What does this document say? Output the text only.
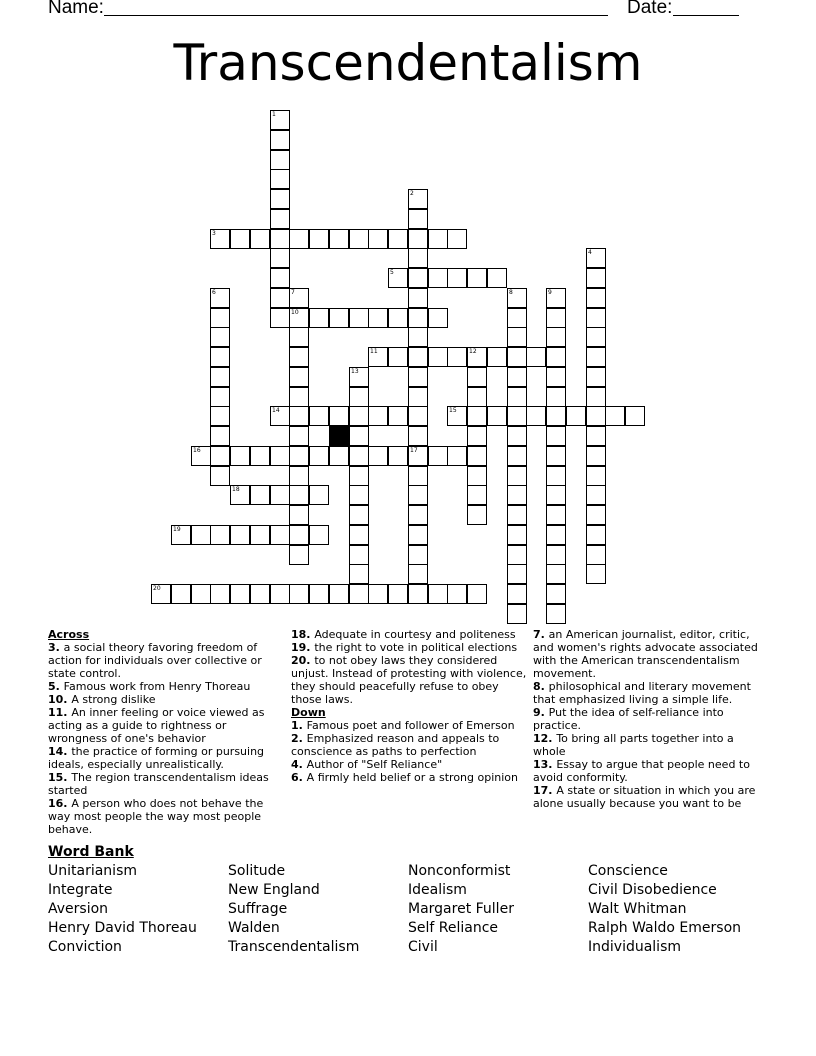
Name:	Date:
Transcendentalism
1
2
17
3
4
5
6	7
10
8	9
11	12
13
14	15
16
18
19
20
Across
3. a social theory favoring freedom of action for individuals over collective or state control.
5. Famous work from Henry Thoreau
10. A strong dislike
11. An inner feeling or voice viewed as acting as a guide to rightness or wrongness of one's behavior
14. the practice of forming or pursuing ideals, especially unrealistically.
15. The region transcendentalism ideas started
16. A person who does not behave the way most people the way most people behave.
18. Adequate in courtesy and politeness
19. the right to vote in political elections
20. to not obey laws they considered unjust. Instead of protesting with violence, they should peacefully refuse to obey those laws.
Down
1. Famous poet and follower of Emerson
2. Emphasized reason and appeals to conscience as paths to perfection
4. Author of "Self Reliance"
6. A firmly held belief or a strong opinion
7. an American journalist, editor, critic, and women's rights advocate associated with the American transcendentalism movement.
8. philosophical and literary movement that emphasized living a simple life.
9. Put the idea of self-reliance into practice.
12. To bring all parts together into a whole
13. Essay to argue that people need to avoid conformity.
17. A state or situation in which you are alone usually because you want to be
Word Bank
Unitarianism
Integrate
Aversion
Henry David Thoreau
Conviction
Solitude
New England
Suffrage
Walden
Transcendentalism
Nonconformist
Idealism
Margaret Fuller
Self Reliance
Civil
Conscience
Civil Disobedience
Walt Whitman
Ralph Waldo Emerson
Individualism
